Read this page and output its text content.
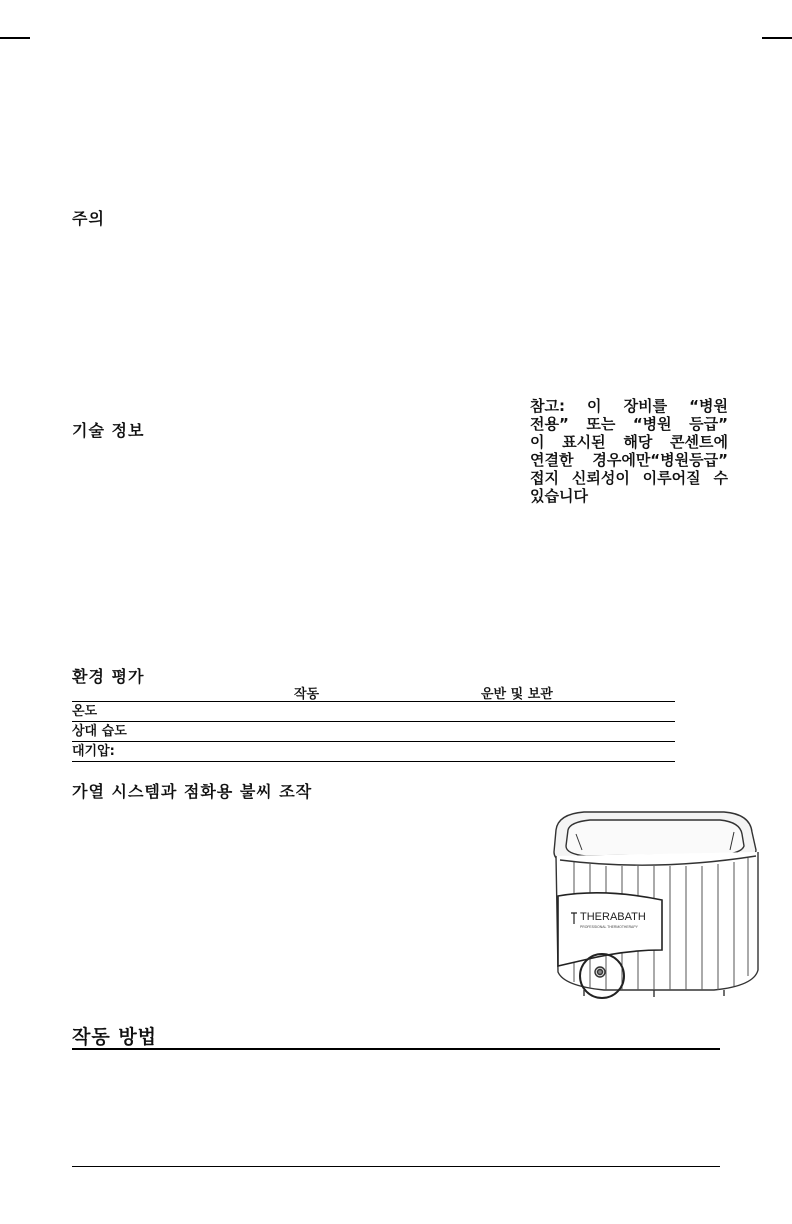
주의
기술 정보
참고: 이 장비를 “병원
전용” 또는 “병원 등급”
이 표시된 해당 콘센트에
연결한 경우에만“병원등급”
접지 신뢰성이 이루어질 수
있습니다
환경 평가
작동	운반 및 보관
온도
상대 습도
대기압:
가열 시스템과 점화용 불씨 조작
THERABATH
PROFESSIONAL THERMOTHERAPY
작동 방법
